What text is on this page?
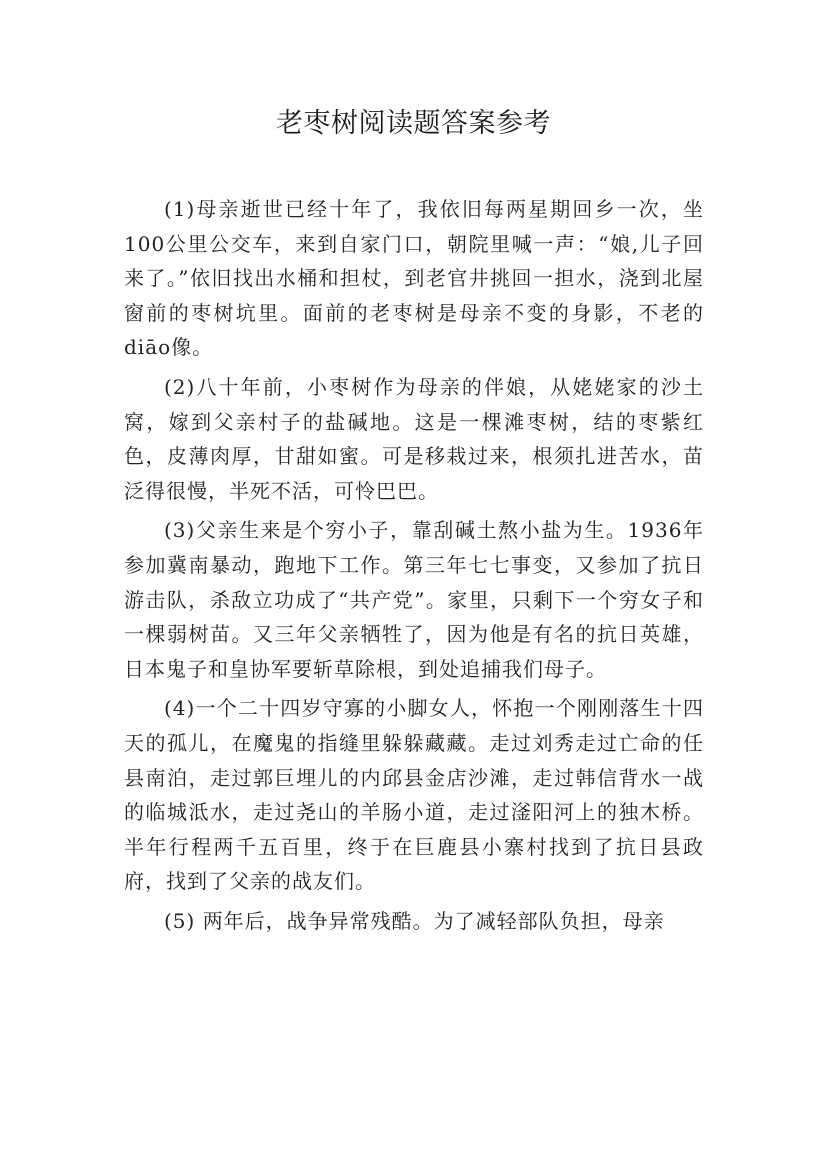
老枣树阅读题答案参考

(1)母亲逝世已经十年了，我依旧每两星期回乡一次，坐100公里公交车，来到自家门口，朝院里喊一声：“娘,儿子回来了。”依旧找出水桶和担杖，到老官井挑回一担水，浇到北屋窗前的枣树坑里。面前的老枣树是母亲不变的身影，不老的diāo像。

(2)八十年前，小枣树作为母亲的伴娘，从姥姥家的沙土窝，嫁到父亲村子的盐碱地。这是一棵滩枣树，结的枣紫红色，皮薄肉厚，甘甜如蜜。可是移栽过来，根须扎进苦水，苗泛得很慢，半死不活，可怜巴巴。

(3)父亲生来是个穷小子，靠刮碱土熬小盐为生。1936年参加冀南暴动，跑地下工作。第三年七七事变，又参加了抗日游击队，杀敌立功成了“共产党”。家里，只剩下一个穷女子和一棵弱树苗。又三年父亲牺牲了，因为他是有名的抗日英雄，日本鬼子和皇协军要斩草除根，到处追捕我们母子。

(4)一个二十四岁守寡的小脚女人，怀抱一个刚刚落生十四天的孤儿，在魔鬼的指缝里躲躲藏藏。走过刘秀走过亡命的任县南泊，走过郭巨埋儿的内邱县金店沙滩，走过韩信背水一战的临城泜水，走过尧山的羊肠小道，走过滏阳河上的独木桥。半年行程两千五百里，终于在巨鹿县小寨村找到了抗日县政府，找到了父亲的战友们。

(5) 两年后，战争异常残酷。为了减轻部队负担，母亲
